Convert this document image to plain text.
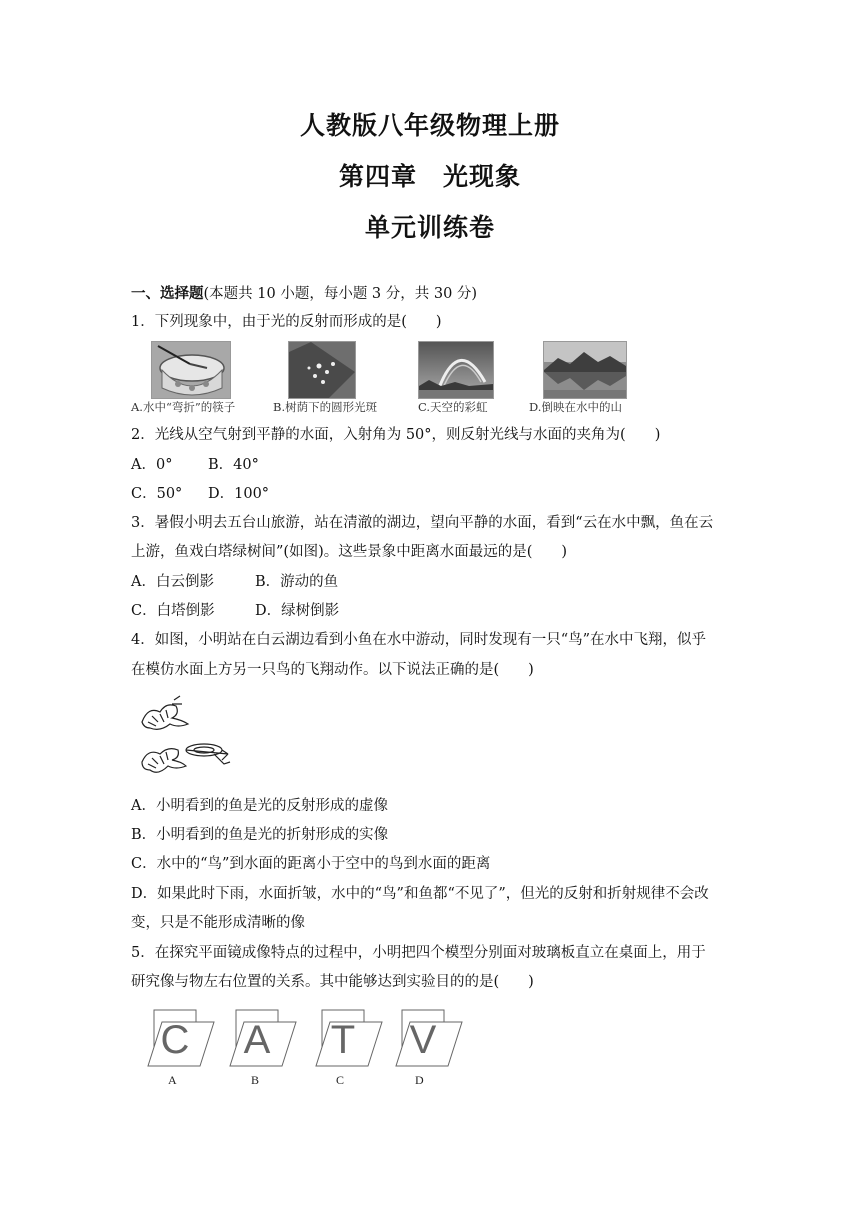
人教版八年级物理上册
第四章　光现象
单元训练卷
一、选择题(本题共 10 小题，每小题 3 分，共 30 分)
1．下列现象中，由于光的反射而形成的是(　　)
A.水中“弯折”的筷子	B.树荫下的圆形光斑	C.天空的彩虹	D.倒映在水中的山
2．光线从空气射到平静的水面，入射角为 50°，则反射光线与水面的夹角为(　　)
A．0° B．40°
C．50° D．100°
3．暑假小明去五台山旅游，站在清澈的湖边，望向平静的水面，看到“云在水中飘，鱼在云
上游，鱼戏白塔绿树间”(如图)。这些景象中距离水面最远的是(　　)
A．白云倒影	B．游动的鱼
C．白塔倒影	D．绿树倒影
4．如图，小明站在白云湖边看到小鱼在水中游动，同时发现有一只“鸟”在水中飞翔，似乎
在模仿水面上方另一只鸟的飞翔动作。以下说法正确的是(　　)
A．小明看到的鱼是光的反射形成的虚像
B．小明看到的鱼是光的折射形成的实像
C．水中的“鸟”到水面的距离小于空中的鸟到水面的距离
D．如果此时下雨，水面折皱，水中的“鸟”和鱼都“不见了”，但光的反射和折射规律不会改
变，只是不能形成清晰的像
5．在探究平面镜成像特点的过程中，小明把四个模型分别面对玻璃板直立在桌面上，用于
研究像与物左右位置的关系。其中能够达到实验目的的是(　　)
C A T V
A	B	C	D
